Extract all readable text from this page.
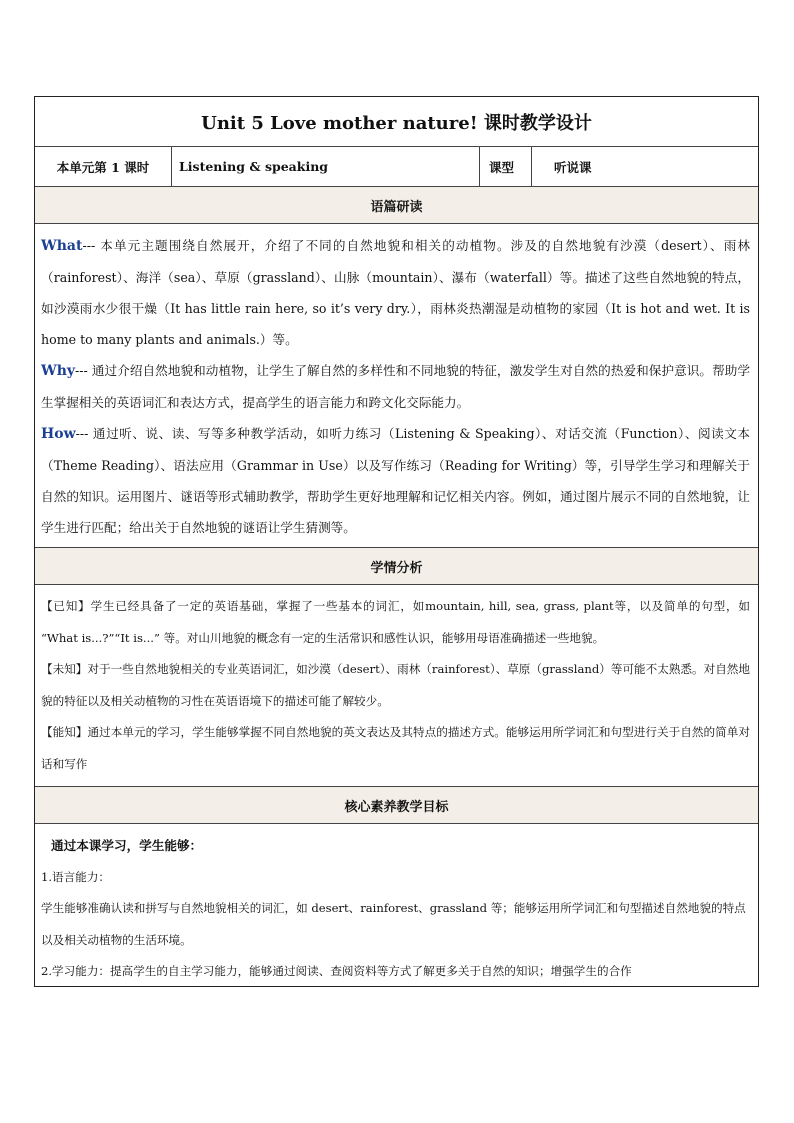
Unit 5 Love mother nature! 课时教学设计
本单元第 1 课时	Listening & speaking	课型	听说课
语篇研读

What--- 本单元主题围绕自然展开，介绍了不同的自然地貌和相关的动植物。涉及的自然地貌有沙漠（desert）、雨林（rainforest）、海洋（sea）、草原（grassland）、山脉（mountain）、瀑布（waterfall）等。描述了这些自然地貌的特点，如沙漠雨水少很干燥（It has little rain here, so it’s very dry.），雨林炎热潮湿是动植物的家园（It is hot and wet. It is home to many plants and animals.）等。

Why--- 通过介绍自然地貌和动植物，让学生了解自然的多样性和不同地貌的特征，激发学生对自然的热爱和保护意识。帮助学生掌握相关的英语词汇和表达方式，提高学生的语言能力和跨文化交际能力。

How--- 通过听、说、读、写等多种教学活动，如听力练习（Listening & Speaking）、对话交流（Function）、阅读文本（Theme Reading）、语法应用（Grammar in Use）以及写作练习（Reading for Writing）等，引导学生学习和理解关于自然的知识。运用图片、谜语等形式辅助教学，帮助学生更好地理解和记忆相关内容。例如，通过图片展示不同的自然地貌，让学生进行匹配；给出关于自然地貌的谜语让学生猜测等。

学情分析

【已知】学生已经具备了一定的英语基础，掌握了一些基本的词汇，如mountain, hill, sea, grass, plant等，以及简单的句型，如 “What is...?”“It is...” 等。对山川地貌的概念有一定的生活常识和感性认识，能够用母语准确描述一些地貌。

【未知】对于一些自然地貌相关的专业英语词汇，如沙漠（desert）、雨林（rainforest）、草原（grassland）等可能不太熟悉。对自然地貌的特征以及相关动植物的习性在英语语境下的描述可能了解较少。

【能知】通过本单元的学习，学生能够掌握不同自然地貌的英文表达及其特点的描述方式。能够运用所学词汇和句型进行关于自然的简单对话和写作

核心素养教学目标

通过本课学习，学生能够：

1.语言能力：

学生能够准确认读和拼写与自然地貌相关的词汇，如 desert、rainforest、grassland 等；能够运用所学词汇和句型描述自然地貌的特点以及相关动植物的生活环境。

2.学习能力：提高学生的自主学习能力，能够通过阅读、查阅资料等方式了解更多关于自然的知识；增强学生的合作
